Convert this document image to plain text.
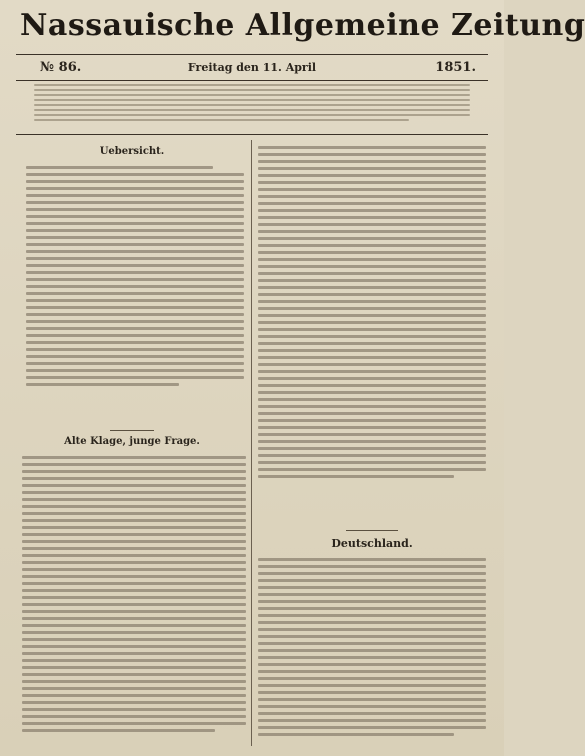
Nassauische Allgemeine Zeitung
№ 86.	Freitag den 11. April	1851.
Uebersicht.
Alte Klage, junge Frage.
Deutschland.
